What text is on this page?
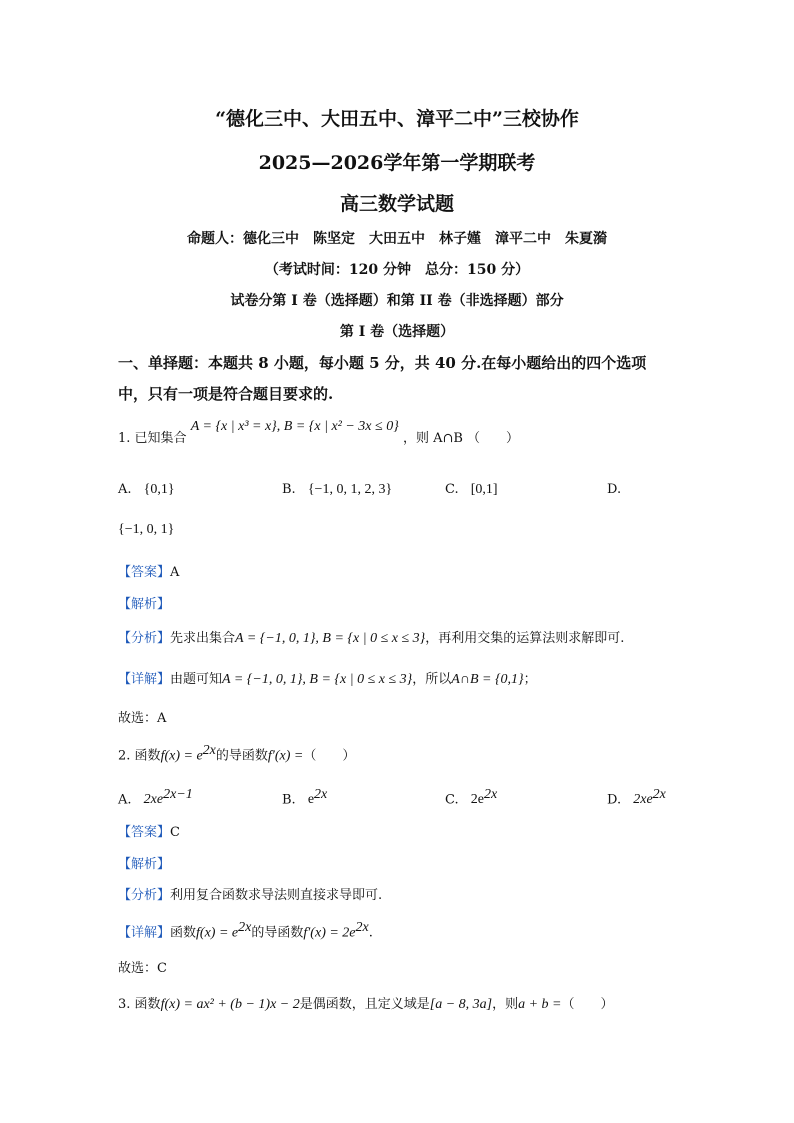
“德化三中、大田五中、漳平二中”三校协作
2025—2026学年第一学期联考
高三数学试题
命题人：德化三中　陈坚定　大田五中　林子嫤　漳平二中　朱夏漪
（考试时间：120 分钟　总分：150 分）
试卷分第 I 卷（选择题）和第 II 卷（非选择题）部分
第 I 卷（选择题）
一、单择题：本题共 8 小题，每小题 5 分，共 40 分.在每小题给出的四个选项
中，只有一项是符合题目要求的.
1. 已知集合 A = {x | x³ = x}, B = {x | x² − 3x ≤ 0} ，则 A∩B （　　）
A. {0,1}	B. {−1, 0, 1, 2, 3}	C. [0,1]	D.
{−1, 0, 1}
【答案】A
【解析】
【分析】先求出集合A = {−1, 0, 1}, B = {x | 0 ≤ x ≤ 3}，再利用交集的运算法则求解即可.
【详解】由题可知A = {−1, 0, 1}, B = {x | 0 ≤ x ≤ 3}，所以A∩B = {0,1}；
故选：A
2. 函数$f(x) = e^{2x}$的导函数f′(x) =（　　）
A. $2xe^{2x-1}$	B. $e^{2x}$	C. $2e^{2x}$	D. $2xe^{2x}$
【答案】C
【解析】
【分析】利用复合函数求导法则直接求导即可.
【详解】函数$f(x) = e^{2x}$的导函数$f'(x) = 2e^{2x}$.
故选：C
3. 函数f(x) = ax² + (b − 1)x − 2是偶函数，且定义域是[a − 8, 3a]，则a + b =（　　）
